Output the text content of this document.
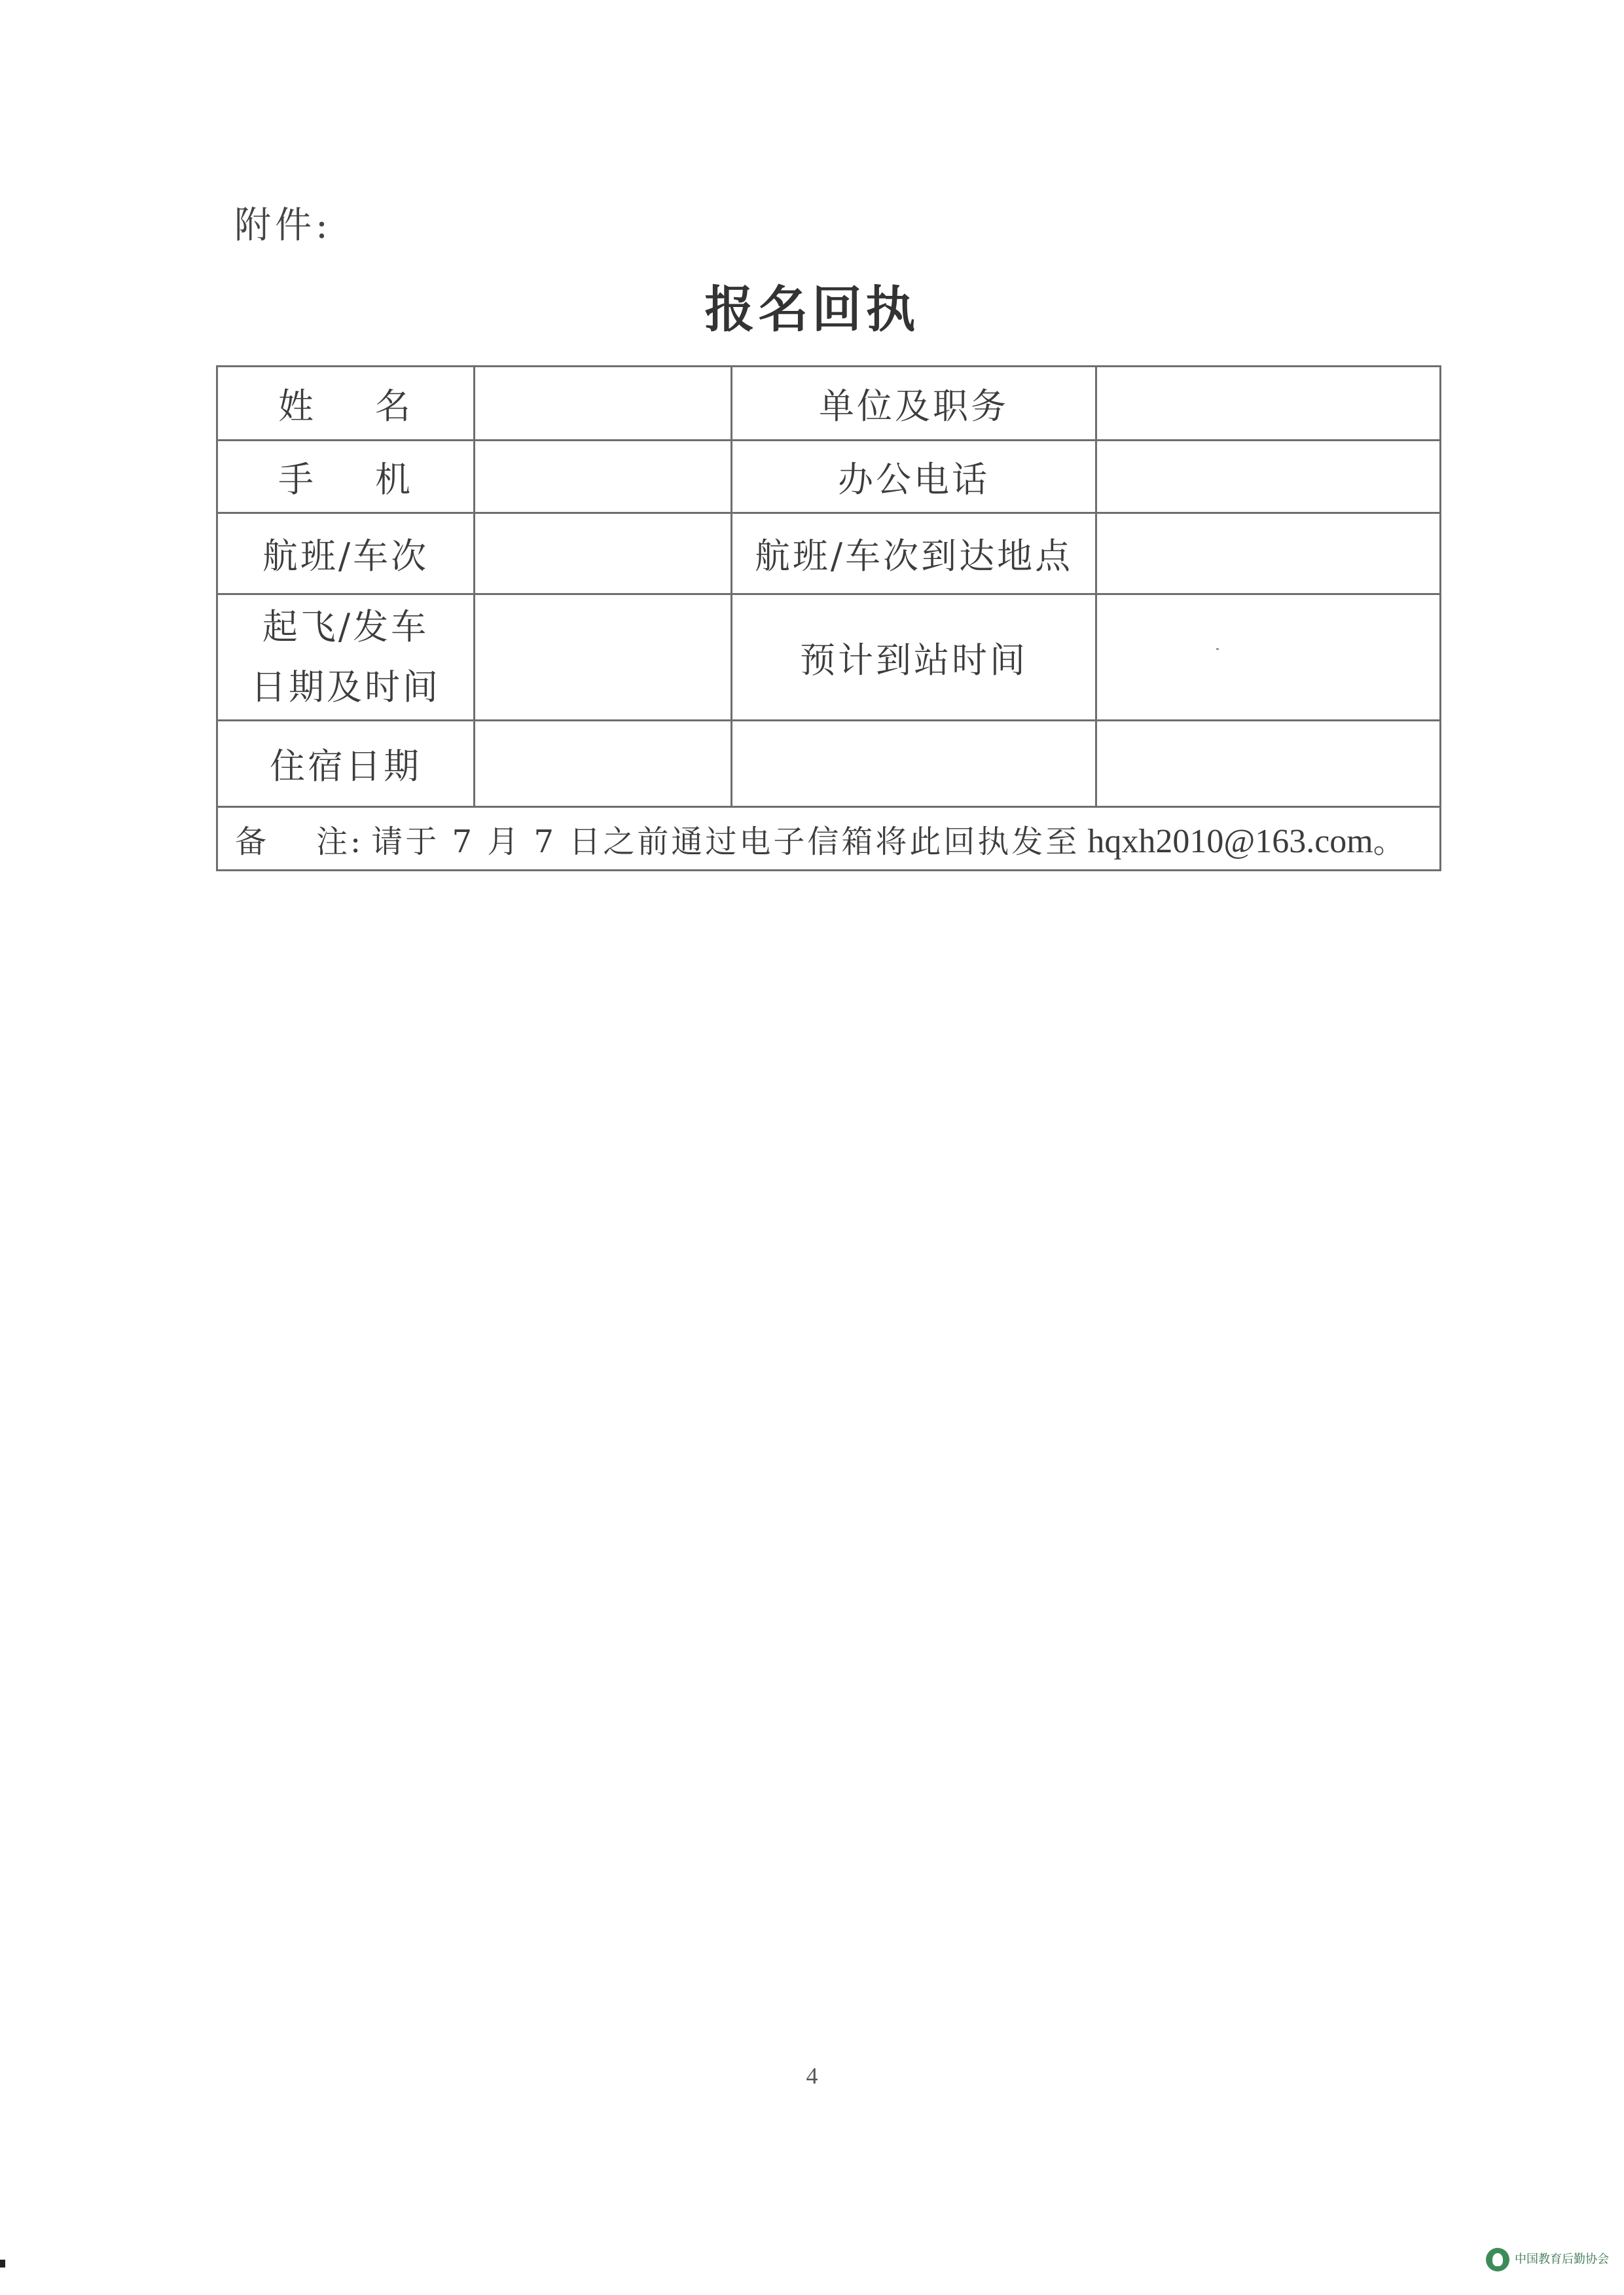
附件:
报名回执
姓 名		单位及职务	
手 机		办公电话	
航班/车次		航班/车次到达地点	

起飞/发车
日期及时间		预计到站时间	
住宿日期			
备 注: 请于 7 月 7 日之前通过电子信箱将此回执发至 hqxh2010@163.com。			
4
中国教育后勤协会
